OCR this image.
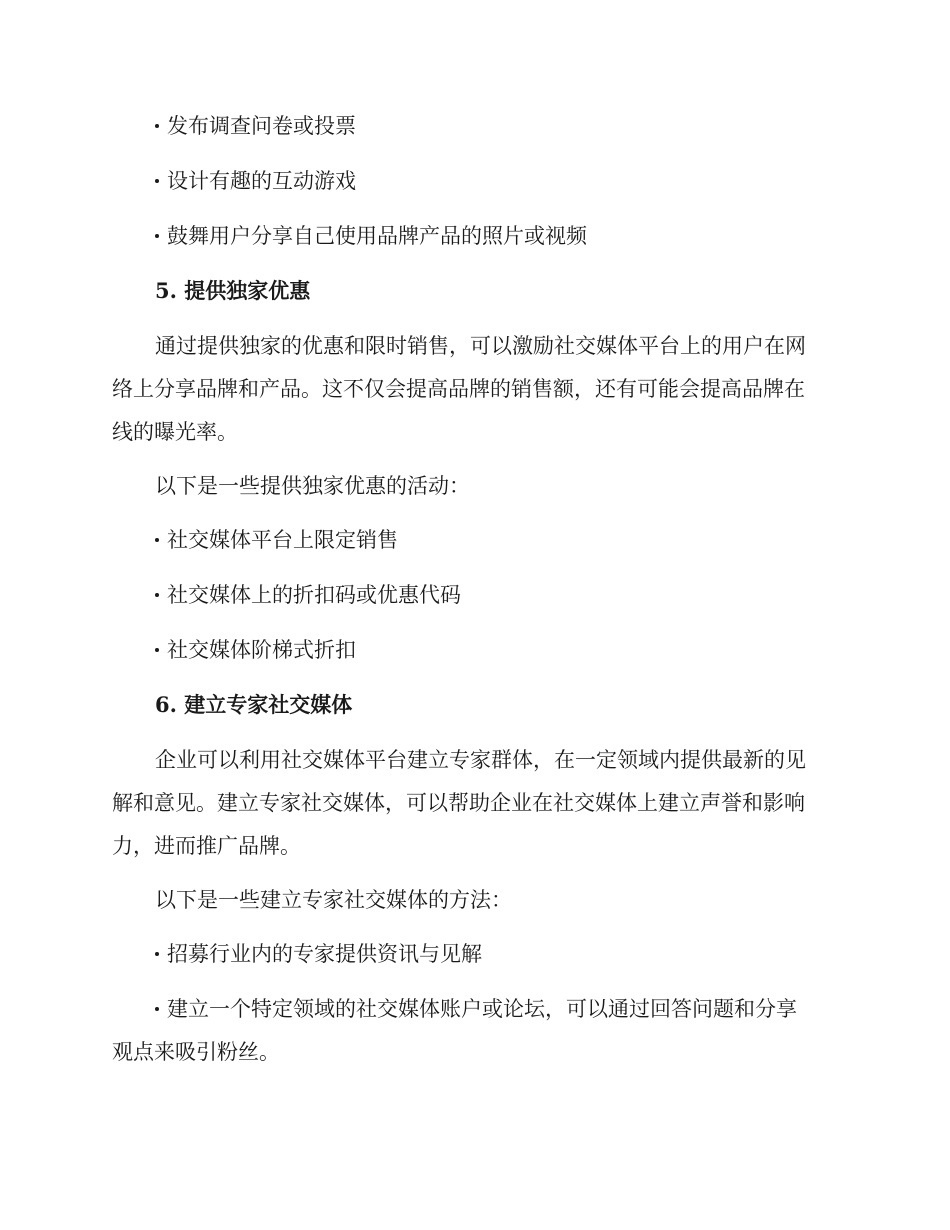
发布调查问卷或投票
设计有趣的互动游戏
鼓舞用户分享自己使用品牌产品的照片或视频
5. 提供独家优惠
通过提供独家的优惠和限时销售，可以激励社交媒体平台上的用户在网
络上分享品牌和产品。这不仅会提高品牌的销售额，还有可能会提高品牌在
线的曝光率。
以下是一些提供独家优惠的活动：
社交媒体平台上限定销售
社交媒体上的折扣码或优惠代码
社交媒体阶梯式折扣
6. 建立专家社交媒体
企业可以利用社交媒体平台建立专家群体，在一定领域内提供最新的见
解和意见。建立专家社交媒体，可以帮助企业在社交媒体上建立声誉和影响
力，进而推广品牌。
以下是一些建立专家社交媒体的方法：
招募行业内的专家提供资讯与见解
建立一个特定领域的社交媒体账户或论坛，可以通过回答问题和分享
观点来吸引粉丝。
